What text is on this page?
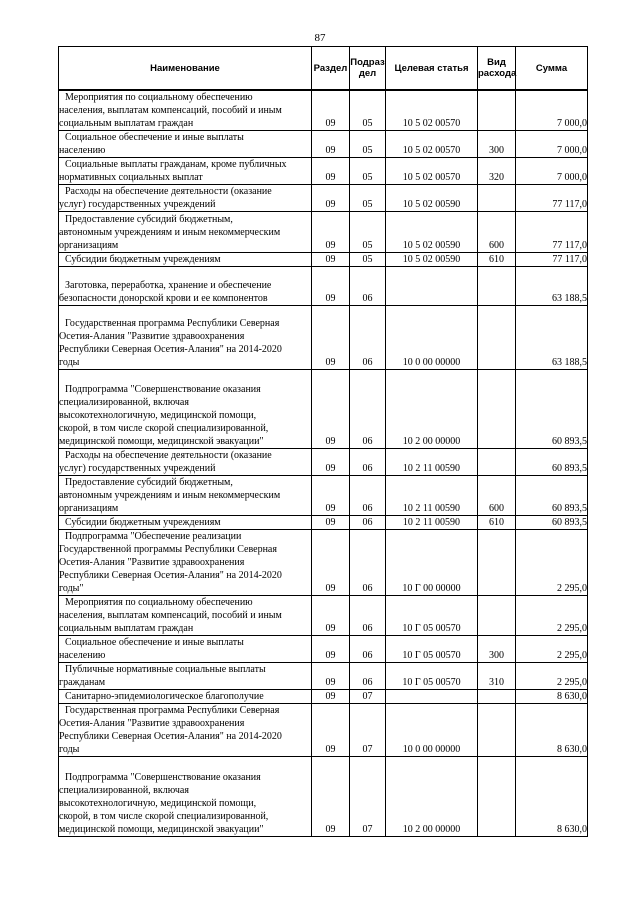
87
Наименование	Раздел	Подраз дел	Целевая статья	Вид расхода	Сумма
Мероприятия по социальному обеспечению
населения, выплатам компенсаций, пособий и иным
социальным выплатам граждан	09	05	10 5 02 00570		7 000,0
Социальное обеспечение и иные выплаты
населению	09	05	10 5 02 00570	300	7 000,0
Социальные выплаты гражданам, кроме публичных
нормативных социальных выплат	09	05	10 5 02 00570	320	7 000,0
Расходы на обеспечение деятельности (оказание
услуг) государственных учреждений	09	05	10 5 02 00590		77 117,0
Предоставление субсидий бюджетным,
автономным учреждениям и иным некоммерческим
организациям	09	05	10 5 02 00590	600	77 117,0
Субсидии бюджетным учреждениям	09	05	10 5 02 00590	610	77 117,0
Заготовка, переработка, хранение и обеспечение
безопасности донорской крови и ее компонентов	09	06			63 188,5
Государственная программа Республики Северная
Осетия-Алания "Развитие здравоохранения
Республики Северная Осетия-Алания" на 2014-2020
годы	09	06	10 0 00 00000		63 188,5
Подпрограмма "Совершенствование оказания
специализированной, включая
высокотехнологичную, медицинской помощи,
скорой, в том числе скорой специализированной,
медицинской помощи, медицинской эвакуации"	09	06	10 2 00 00000		60 893,5
Расходы на обеспечение деятельности (оказание
услуг) государственных учреждений	09	06	10 2 11 00590		60 893,5
Предоставление субсидий бюджетным,
автономным учреждениям и иным некоммерческим
организациям	09	06	10 2 11 00590	600	60 893,5
Субсидии бюджетным учреждениям	09	06	10 2 11 00590	610	60 893,5
Подпрограмма "Обеспечение реализации
Государственной программы Республики Северная
Осетия-Алания "Развитие здравоохранения
Республики Северная Осетия-Алания" на 2014-2020
годы"	09	06	10 Г 00 00000		2 295,0
Мероприятия по социальному обеспечению
населения, выплатам компенсаций, пособий и иным
социальным выплатам граждан	09	06	10 Г 05 00570		2 295,0
Социальное обеспечение и иные выплаты
населению	09	06	10 Г 05 00570	300	2 295,0
Публичные нормативные социальные выплаты
гражданам	09	06	10 Г 05 00570	310	2 295,0
Санитарно-эпидемиологическое благополучие	09	07			8 630,0
Государственная программа Республики Северная
Осетия-Алания "Развитие здравоохранения
Республики Северная Осетия-Алания" на 2014-2020
годы	09	07	10 0 00 00000		8 630,0
Подпрограмма "Совершенствование оказания
специализированной, включая
высокотехнологичную, медицинской помощи,
скорой, в том числе скорой специализированной,
медицинской помощи, медицинской эвакуации"	09	07	10 2 00 00000		8 630,0
